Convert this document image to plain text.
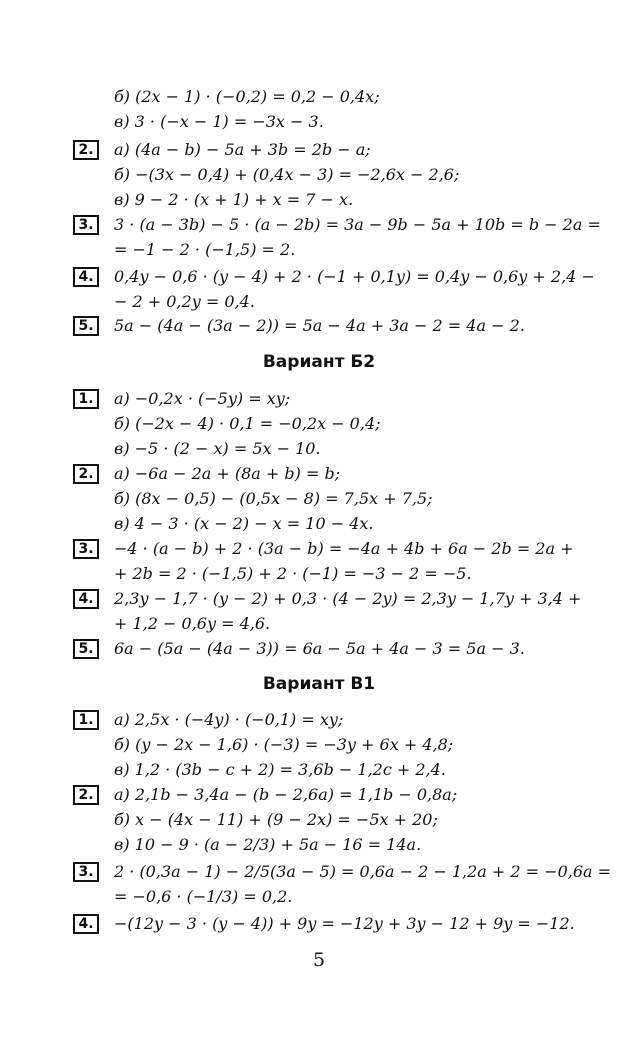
б) (2x − 1) · (−0,2) = 0,2 − 0,4x;
в) 3 · (−x − 1) = −3x − 3.
2.	а) (4a − b) − 5a + 3b = 2b − a;
б) −(3x − 0,4) + (0,4x − 3) = −2,6x − 2,6;
в) 9 − 2 · (x + 1) + x = 7 − x.
3.	3 · (a − 3b) − 5 · (a − 2b) = 3a − 9b − 5a + 10b = b − 2a =
= −1 − 2 · (−1,5) = 2.
4.	0,4y − 0,6 · (y − 4) + 2 · (−1 + 0,1y) = 0,4y − 0,6y + 2,4 −
− 2 + 0,2y = 0,4.
5.	5a − (4a − (3a − 2)) = 5a − 4a + 3a − 2 = 4a − 2.
Вариант Б2
1.	а) −0,2x · (−5y) = xy;
б) (−2x − 4) · 0,1 = −0,2x − 0,4;
в) −5 · (2 − x) = 5x − 10.
2.	а) −6a − 2a + (8a + b) = b;
б) (8x − 0,5) − (0,5x − 8) = 7,5x + 7,5;
в) 4 − 3 · (x − 2) − x = 10 − 4x.
3.	−4 · (a − b) + 2 · (3a − b) = −4a + 4b + 6a − 2b = 2a +
+ 2b = 2 · (−1,5) + 2 · (−1) = −3 − 2 = −5.
4.	2,3y − 1,7 · (y − 2) + 0,3 · (4 − 2y) = 2,3y − 1,7y + 3,4 +
+ 1,2 − 0,6y = 4,6.
5.	6a − (5a − (4a − 3)) = 6a − 5a + 4a − 3 = 5a − 3.
Вариант В1
1.	а) 2,5x · (−4y) · (−0,1) = xy;
б) (y − 2x − 1,6) · (−3) = −3y + 6x + 4,8;
в) 1,2 · (3b − c + 2) = 3,6b − 1,2c + 2,4.
2.	а) 2,1b − 3,4a − (b − 2,6a) = 1,1b − 0,8a;
б) x − (4x − 11) + (9 − 2x) = −5x + 20;
в) 10 − 9 · (a − 2/3) + 5a − 16 = 14a.
3.	2 · (0,3a − 1) − 2/5(3a − 5) = 0,6a − 2 − 1,2a + 2 = −0,6a =
= −0,6 · (−1/3) = 0,2.
4.	−(12y − 3 · (y − 4)) + 9y = −12y + 3y − 12 + 9y = −12.
5
